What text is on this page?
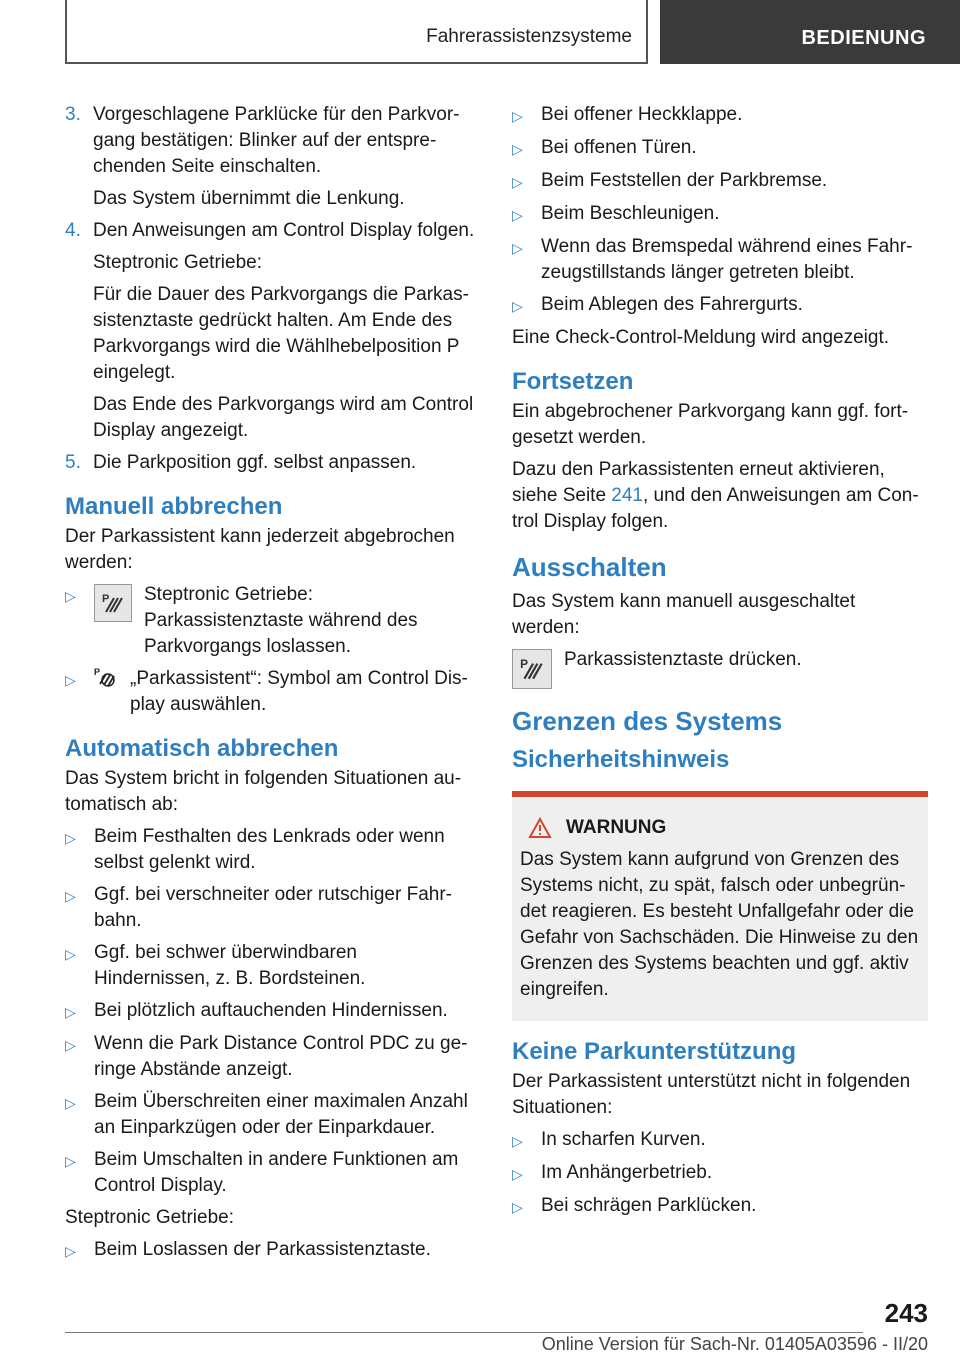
Fahrerassistenzsysteme	BEDIENUNG
3. Vorgeschlagene Parklücke für den Parkvorgang bestätigen: Blinker auf der entsprechenden Seite einschalten.

Das System übernimmt die Lenkung.

4. Den Anweisungen am Control Display folgen.

Steptronic Getriebe:

Für die Dauer des Parkvorgangs die Parkassistenztaste gedrückt halten. Am Ende des Parkvorgangs wird die Wählhebelposition P eingelegt.

Das Ende des Parkvorgangs wird am Control Display angezeigt.

5. Die Parkposition ggf. selbst anpassen.
Manuell abbrechen

Der Parkassistent kann jederzeit abgebrochen werden:

▷	P Steptronic Getriebe: Parkassistenztaste während des Parkvorgangs loslassen.
▷	P „Parkassistent“: Symbol am Control Display auswählen.
Automatisch abbrechen

Das System bricht in folgenden Situationen automatisch ab:

▷ Beim Festhalten des Lenkrads oder wenn selbst gelenkt wird.
▷ Ggf. bei verschneiter oder rutschiger Fahrbahn.
▷ Ggf. bei schwer überwindbaren Hindernissen, z. B. Bordsteinen.
▷ Bei plötzlich auftauchenden Hindernissen.
▷ Wenn die Park Distance Control PDC zu geringe Abstände anzeigt.
▷ Beim Überschreiten einer maximalen Anzahl an Einparkzügen oder der Einparkdauer.
▷ Beim Umschalten in andere Funktionen am Control Display.

Steptronic Getriebe:

▷ Beim Loslassen der Parkassistenztaste.
▷ Bei offener Heckklappe.
▷ Bei offenen Türen.
▷ Beim Feststellen der Parkbremse.
▷ Beim Beschleunigen.
▷ Wenn das Bremspedal während eines Fahrzeugstillstands länger getreten bleibt.
▷ Beim Ablegen des Fahrergurts.

Eine Check-Control-Meldung wird angezeigt.

Fortsetzen

Ein abgebrochener Parkvorgang kann ggf. fortgesetzt werden.

Dazu den Parkassistenten erneut aktivieren, siehe Seite 241, und den Anweisungen am Control Display folgen.

Ausschalten

Das System kann manuell ausgeschaltet werden:

P Parkassistenztaste drücken.
Grenzen des Systems
Sicherheitshinweis
WARNUNG
Das System kann aufgrund von Grenzen des Systems nicht, zu spät, falsch oder unbegründet reagieren. Es besteht Unfallgefahr oder die Gefahr von Sachschäden. Die Hinweise zu den Grenzen des Systems beachten und ggf. aktiv eingreifen.
Keine Parkunterstützung

Der Parkassistent unterstützt nicht in folgenden Situationen:

▷ In scharfen Kurven.
▷ Im Anhängerbetrieb.
▷ Bei schrägen Parklücken.
243
Online Version für Sach-Nr. 01405A03596 - II/20
